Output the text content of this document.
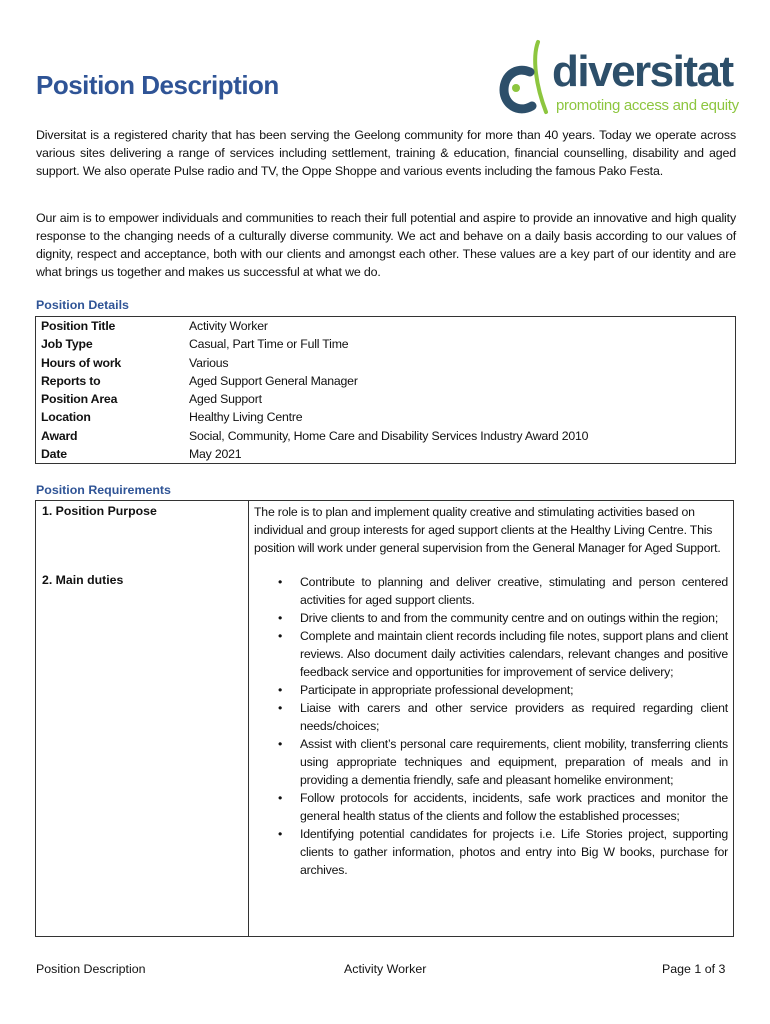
Position Description	diversitat
promoting access and equity

Diversitat is a registered charity that has been serving the Geelong community for more than 40 years. Today we operate across various sites delivering a range of services including settlement, training & education, financial counselling, disability and aged support. We also operate Pulse radio and TV, the Oppe Shoppe and various events including the famous Pako Festa.

Our aim is to empower individuals and communities to reach their full potential and aspire to provide an innovative and high quality response to the changing needs of a culturally diverse community. We act and behave on a daily basis according to our values of dignity, respect and acceptance, both with our clients and amongst each other. These values are a key part of our identity and are what brings us together and makes us successful at what we do.

Position Details
Position Title	Activity Worker
Job Type	Casual, Part Time or Full Time
Hours of work	Various
Reports to	Aged Support General Manager
Position Area	Aged Support
Location	Healthy Living Centre
Award	Social, Community, Home Care and Disability Services Industry Award 2010
Date	May 2021
Position Requirements
1. Position Purpose	The role is to plan and implement quality creative and stimulating activities based on individual and group interests for aged support clients at the Healthy Living Centre. This position will work under general supervision from the General Manager for Aged Support.

2. Main duties	• Contribute to planning and deliver creative, stimulating and person centered activities for aged support clients.
• Drive clients to and from the community centre and on outings within the region;
• Complete and maintain client records including file notes, support plans and client reviews. Also document daily activities calendars, relevant changes and positive feedback service and opportunities for improvement of service delivery;
• Participate in appropriate professional development;
• Liaise with carers and other service providers as required regarding client needs/choices;
• Assist with client’s personal care requirements, client mobility, transferring clients using appropriate techniques and equipment, preparation of meals and in providing a dementia friendly, safe and pleasant homelike environment;
• Follow protocols for accidents, incidents, safe work practices and monitor the general health status of the clients and follow the established processes;
• Identifying potential candidates for projects i.e. Life Stories project, supporting clients to gather information, photos and entry into Big W books, purchase for archives.
Position Description	Activity Worker	Page 1 of 3
